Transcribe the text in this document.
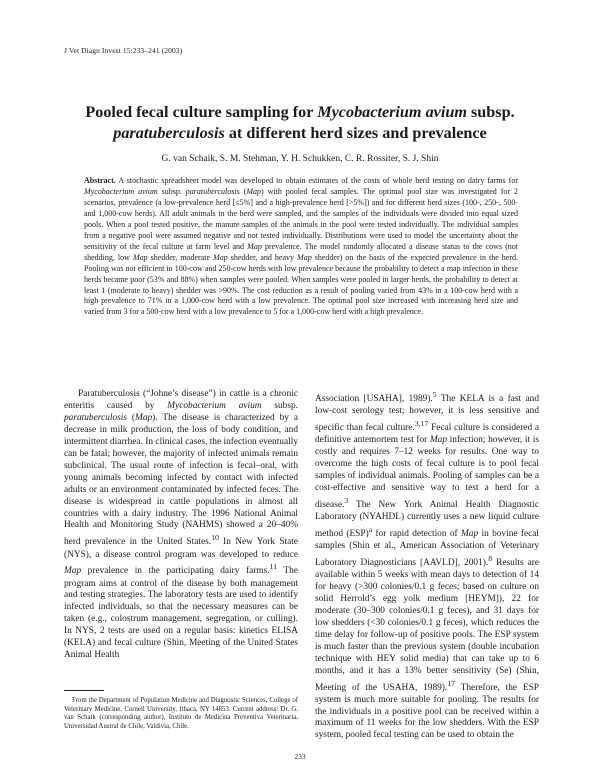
J Vet Diagn Invest 15:233–241 (2003)
Pooled fecal culture sampling for Mycobacterium avium subsp. paratuberculosis at different herd sizes and prevalence
G. van Schaik, S. M. Stehman, Y. H. Schukken, C. R. Rossiter, S. J. Shin

Abstract. A stochastic spreadsheet model was developed to obtain estimates of the costs of whole herd testing on dairy farms for Mycobacterium avium subsp. paratuberculosis (Map) with pooled fecal samples. The optimal pool size was investigated for 2 scenarios, prevalence (a low-prevalence herd [≤5%] and a high-prevalence herd [>5%]) and for different herd sizes (100-, 250-, 500- and 1,000-cow herds). All adult animals in the herd were sampled, and the samples of the individuals were divided into equal sized pools. When a pool tested positive, the manure samples of the animals in the pool were tested individually. The individual samples from a negative pool were assumed negative and not tested individually. Distributions were used to model the uncertainty about the sensitivity of the fecal culture at farm level and Map prevalence. The model randomly allocated a disease status to the cows (not shedding, low Map shedder, moderate Map shedder, and heavy Map shedder) on the basis of the expected prevalence in the herd. Pooling was not efficient in 100-cow and 250-cow herds with low prevalence because the probability to detect a map infection in these herds became poor (53% and 88%) when samples were pooled. When samples were pooled in larger herds, the probability to detect at least 1 (moderate to heavy) shedder was >90%. The cost reduction as a result of pooling varied from 43% in a 100-cow herd with a high prevalence to 71% in a 1,000-cow herd with a low prevalence. The optimal pool size increased with increasing herd size and varied from 3 for a 500-cow herd with a low prevalence to 5 for a 1,000-cow herd with a high prevalence.

Paratuberculosis (“Johne’s disease”) in cattle is a chronic enteritis caused by Mycobacterium avium subsp. paratuberculosis (Map). The disease is characterized by a decrease in milk production, the loss of body condition, and intermittent diarrhea. In clinical cases, the infection eventually can be fatal; however, the majority of infected animals remain subclinical. The usual route of infection is fecal–oral, with young animals becoming infected by contact with infected adults or an environment contaminated by infected feces. The disease is widespread in cattle populations in almost all countries with a dairy industry. The 1996 National Animal Health and Monitoring Study (NAHMS) showed a 20–40% herd prevalence in the United States.$^{10}$ In New York State (NYS), a disease control program was developed to reduce Map prevalence in the participating dairy farms.$^{11}$ The program aims at control of the disease by both management and testing strategies. The laboratory tests are used to identify infected individuals, so that the necessary measures can be taken (e.g., colostrum management, segregation, or culling). In NYS, 2 tests are used on a regular basis: kinetics ELISA (KELA) and fecal culture (Shin, Meeting of the United States Animal Health

Association [USAHA], 1989).$^5$ The KELA is a fast and low-cost serology test; however, it is less sensitive and specific than fecal culture.$^{3,17}$ Fecal culture is considered a definitive antemortem test for Map infection; however, it is costly and requires 7–12 weeks for results. One way to overcome the high costs of fecal culture is to pool fecal samples of individual animals. Pooling of samples can be a cost-effective and sensitive way to test a herd for a disease.$^3$ The New York Animal Health Diagnostic Laboratory (NYAHDL) currently uses a new liquid culture method (ESP)$^a$ for rapid detection of Map in bovine fecal samples (Shin et al., American Association of Veterinary Laboratory Diagnosticians [AAVLD], 2001).$^8$ Results are available within 5 weeks with mean days to detection of 14 for heavy (>300 colonies/0.1 g feces; based on culture on solid Herrold’s egg yolk medium [HEYM]), 22 for moderate (30–300 colonies/0.1 g feces), and 31 days for low shedders (<30 colonies/0.1 g feces), which reduces the time delay for follow-up of positive pools. The ESP system is much faster than the previous system (double incubation technique with HEY solid media) that can take up to 6 months, and it has a 13% better sensitivity (Se) (Shin, Meeting of the USAHA, 1989).$^{17}$ Therefore, the ESP system is much more suitable for pooling. The results for the individuals in a positive pool can be received within a maximum of 11 weeks for the low shedders. With the ESP system, pooled fecal testing can be used to obtain the

From the Department of Population Medicine and Diagnostic Sciences, College of Veterinary Medicine, Cornell University, Ithaca, NY 14853. Current address: Dr. G. van Schaik (corresponding author), Instituto de Medicina Preventiva Veterinaria, Universidad Austral de Chile, Valdivia, Chile.

233
